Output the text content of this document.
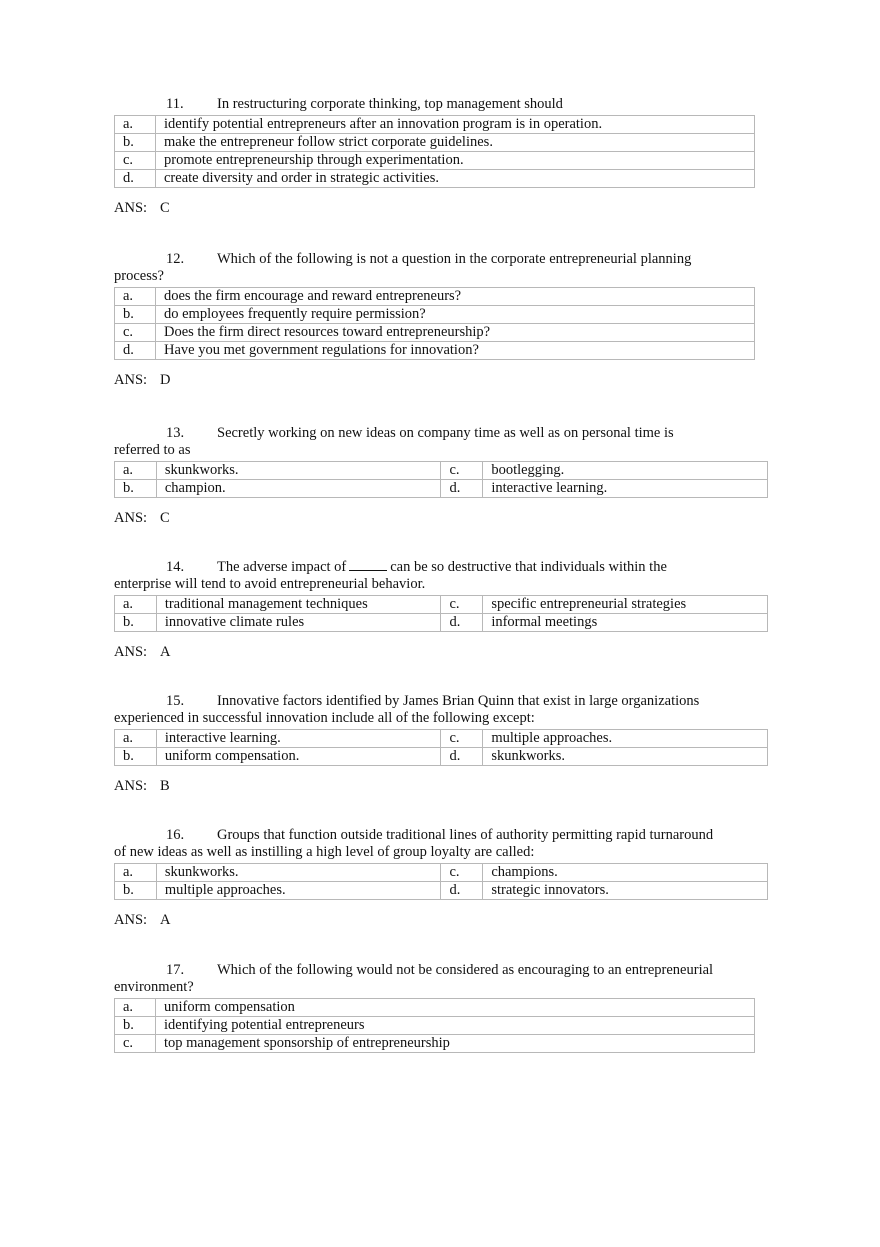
11. In restructuring corporate thinking, top management should

a.	identify potential entrepreneurs after an innovation program is in operation.
b.	make the entrepreneur follow strict corporate guidelines.
c.	promote entrepreneurship through experimentation.
d.	create diversity and order in strategic activities.
ANS: C

12. Which of the following is not a question in the corporate entrepreneurial planning
process?

a.	does the firm encourage and reward entrepreneurs?
b.	do employees frequently require permission?
c.	Does the firm direct resources toward entrepreneurship?
d.	Have you met government regulations for innovation?
ANS: D

13. Secretly working on new ideas on company time as well as on personal time is
referred to as

a.	skunkworks.	c.	bootlegging.
b.	champion.	d.	interactive learning.
ANS: C

14. The adverse impact of	can be so destructive that individuals within the
enterprise will tend to avoid entrepreneurial behavior.

a.	traditional management techniques	c.	specific entrepreneurial strategies
b.	innovative climate rules	d.	informal meetings
ANS: A

15. Innovative factors identified by James Brian Quinn that exist in large organizations
experienced in successful innovation include all of the following except:

a.	interactive learning.	c.	multiple approaches.
b.	uniform compensation.	d.	skunkworks.
ANS: B

16. Groups that function outside traditional lines of authority permitting rapid turnaround
of new ideas as well as instilling a high level of group loyalty are called:

a.	skunkworks.	c.	champions.
b.	multiple approaches.	d.	strategic innovators.
ANS: A

17. Which of the following would not be considered as encouraging to an entrepreneurial
environment?

a.	uniform compensation
b.	identifying potential entrepreneurs
c.	top management sponsorship of entrepreneurship
